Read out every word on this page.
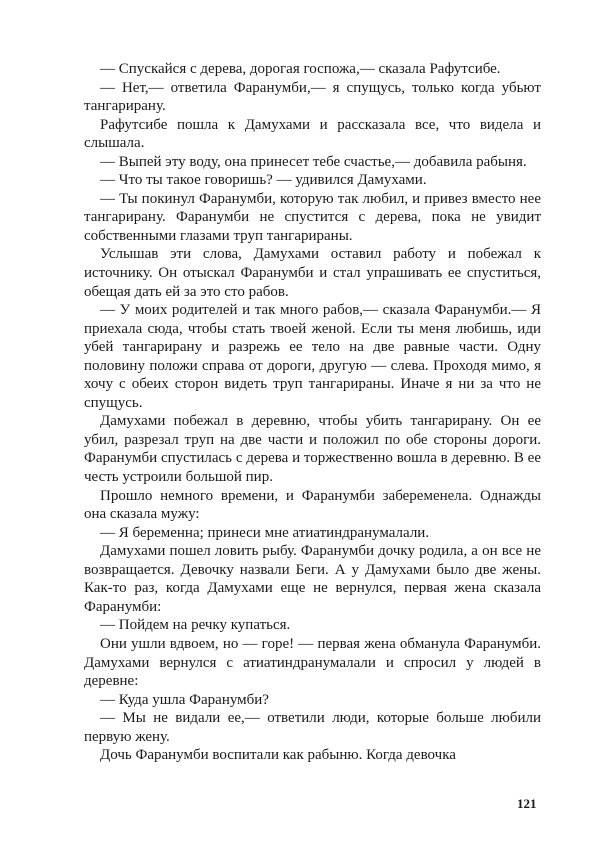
— Спускайся с дерева, дорогая госпожа,— сказала Рафутсибе.

— Нет,— ответила Фаранумби,— я спущусь, только когда убьют тангарирану.

Рафутсибе пошла к Дамухами и рассказала все, что видела и слышала.

— Выпей эту воду, она принесет тебе счастье,— добавила рабыня.

— Что ты такое говоришь? — удивился Дамухами.

— Ты покинул Фаранумби, которую так любил, и привез вместо нее тангарирану. Фаранумби не спустится с дерева, пока не увидит собственными глазами труп тангарираны.

Услышав эти слова, Дамухами оставил работу и побежал к источнику. Он отыскал Фаранумби и стал упрашивать ее спуститься, обещая дать ей за это сто рабов.

— У моих родителей и так много рабов,— сказала Фаранумби.— Я приехала сюда, чтобы стать твоей женой. Если ты меня любишь, иди убей тангарирану и разрежь ее тело на две равные части. Одну половину положи справа от дороги, другую — слева. Проходя мимо, я хочу с обеих сторон видеть труп тангарираны. Иначе я ни за что не спущусь.

Дамухами побежал в деревню, чтобы убить тангарирану. Он ее убил, разрезал труп на две части и положил по обе стороны дороги. Фаранумби спустилась с дерева и торжественно вошла в деревню. В ее честь устроили большой пир.

Прошло немного времени, и Фаранумби забеременела. Однажды она сказала мужу:

— Я беременна; принеси мне атиатиндранумалали.

Дамухами пошел ловить рыбу. Фаранумби дочку родила, а он все не возвращается. Девочку назвали Беги. А у Дамухами было две жены. Как-то раз, когда Дамухами еще не вернулся, первая жена сказала Фаранумби:

— Пойдем на речку купаться.

Они ушли вдвоем, но — горе! — первая жена обманула Фаранумби. Дамухами вернулся с атиатиндранумалали и спросил у людей в деревне:

— Куда ушла Фаранумби?

— Мы не видали ее,— ответили люди, которые больше любили первую жену.

Дочь Фаранумби воспитали как рабыню. Когда девочка

121
